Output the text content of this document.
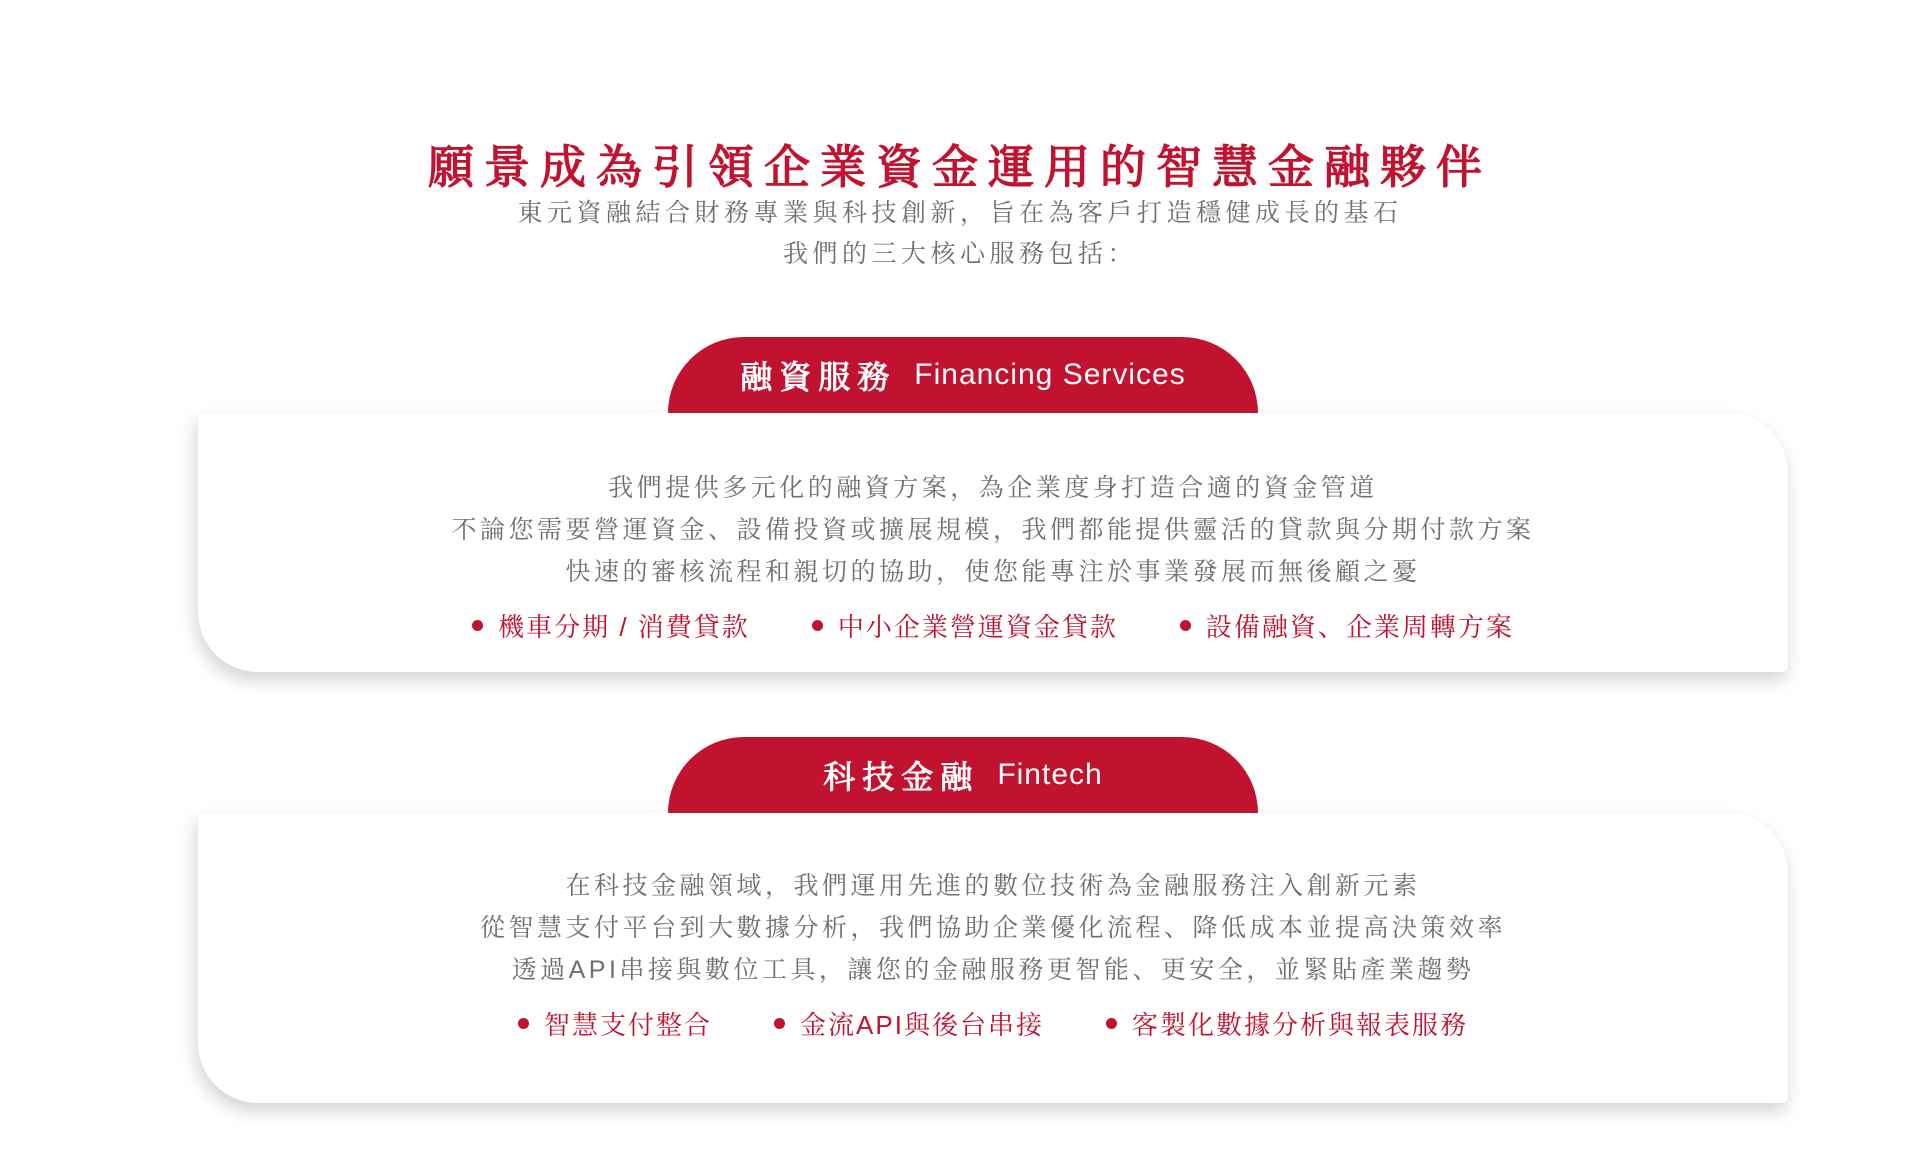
願景成為引領企業資金運用的智慧金融夥伴
東元資融結合財務專業與科技創新，旨在為客戶打造穩健成長的基石
我們的三大核心服務包括：
融資服務 Financing Services

我們提供多元化的融資方案，為企業度身打造合適的資金管道

不論您需要營運資金、設備投資或擴展規模，我們都能提供靈活的貸款與分期付款方案

快速的審核流程和親切的協助，使您能專注於事業發展而無後顧之憂

機車分期 / 消費貸款	中小企業營運資金貸款	設備融資、企業周轉方案
科技金融 Fintech

在科技金融領域，我們運用先進的數位技術為金融服務注入創新元素

從智慧支付平台到大數據分析，我們協助企業優化流程、降低成本並提高決策效率

透過API串接與數位工具，讓您的金融服務更智能、更安全，並緊貼產業趨勢

智慧支付整合	金流API與後台串接	客製化數據分析與報表服務
